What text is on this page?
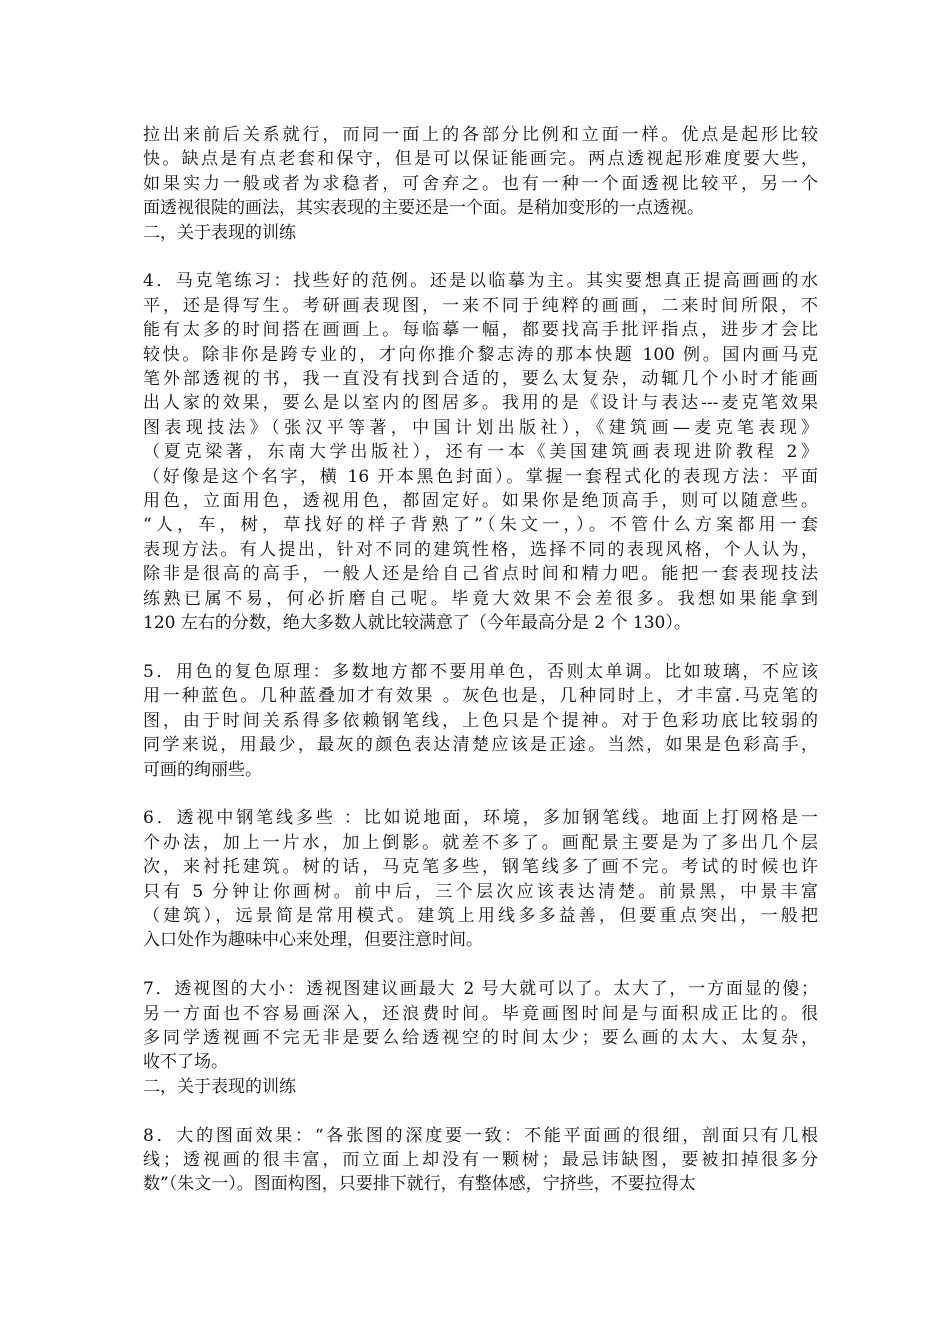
拉出来前后关系就行，而同一面上的各部分比例和立面一样。优点是起形比较
快。缺点是有点老套和保守，但是可以保证能画完。两点透视起形难度要大些，
如果实力一般或者为求稳者，可舍弃之。也有一种一个面透视比较平，另一个
面透视很陡的画法，其实表现的主要还是一个面。是稍加变形的一点透视。
二，关于表现的训练
4．马克笔练习：找些好的范例。还是以临摹为主。其实要想真正提高画画的水
平，还是得写生。考研画表现图，一来不同于纯粹的画画，二来时间所限，不
能有太多的时间搭在画画上。每临摹一幅，都要找高手批评指点，进步才会比
较快。除非你是跨专业的，才向你推介黎志涛的那本快题 100 例。国内画马克
笔外部透视的书，我一直没有找到合适的，要么太复杂，动辄几个小时才能画
出人家的效果，要么是以室内的图居多。我用的是《设计与表达---麦克笔效果
图表现技法》（张汉平等著，中国计划出版社），《建筑画—麦克笔表现》
（夏克梁著，东南大学出版社），还有一本《美国建筑画表现进阶教程 2》
（好像是这个名字，横 16 开本黑色封面）。掌握一套程式化的表现方法：平面
用色，立面用色，透视用色，都固定好。如果你是绝顶高手，则可以随意些。
“人，车，树，草找好的样子背熟了”（朱文一，）。不管什么方案都用一套
表现方法。有人提出，针对不同的建筑性格，选择不同的表现风格，个人认为，
除非是很高的高手，一般人还是给自己省点时间和精力吧。能把一套表现技法
练熟已属不易，何必折磨自己呢。毕竟大效果不会差很多。我想如果能拿到
120 左右的分数，绝大多数人就比较满意了（今年最高分是 2 个 130）。
5．用色的复色原理：多数地方都不要用单色，否则太单调。比如玻璃，不应该
用一种蓝色。几种蓝叠加才有效果 。灰色也是，几种同时上，才丰富.马克笔的
图，由于时间关系得多依赖钢笔线，上色只是个提神。对于色彩功底比较弱的
同学来说，用最少，最灰的颜色表达清楚应该是正途。当然，如果是色彩高手，
可画的绚丽些。
6．透视中钢笔线多些 ：比如说地面，环境，多加钢笔线。地面上打网格是一
个办法，加上一片水，加上倒影。就差不多了。画配景主要是为了多出几个层
次，来衬托建筑。树的话，马克笔多些，钢笔线多了画不完。考试的时候也许
只有 5 分钟让你画树。前中后，三个层次应该表达清楚。前景黑，中景丰富
（建筑），远景简是常用模式。建筑上用线多多益善，但要重点突出，一般把
入口处作为趣味中心来处理，但要注意时间。
7．透视图的大小：透视图建议画最大 2 号大就可以了。太大了，一方面显的傻；
另一方面也不容易画深入，还浪费时间。毕竟画图时间是与面积成正比的。很
多同学透视画不完无非是要么给透视空的时间太少；要么画的太大、太复杂，
收不了场。
二，关于表现的训练
8．大的图面效果：“各张图的深度要一致：不能平面画的很细，剖面只有几根
线；透视画的很丰富，而立面上却没有一颗树；最忌讳缺图，要被扣掉很多分
数”（朱文一）。图面构图，只要排下就行，有整体感，宁挤些，不要拉得太
